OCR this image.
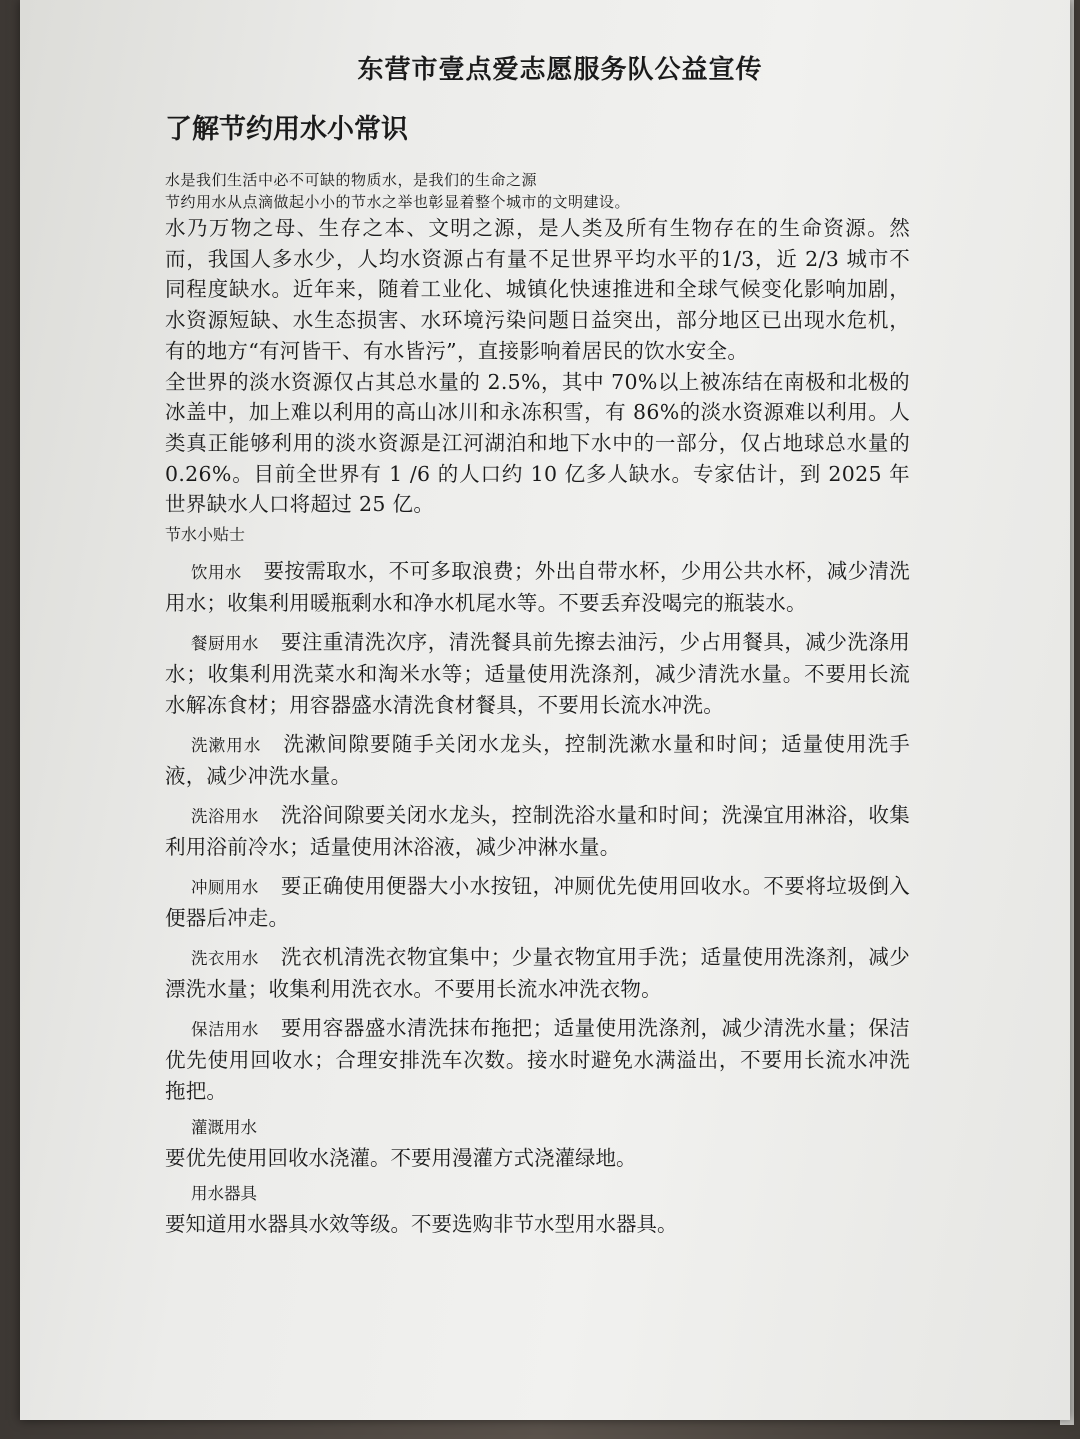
东营市壹点爱志愿服务队公益宣传
了解节约用水小常识
水是我们生活中必不可缺的物质水，是我们的生命之源
节约用水从点滴做起小小的节水之举也彰显着整个城市的文明建设。

水乃万物之母、生存之本、文明之源，是人类及所有生物存在的生命资源。然而，我国人多水少，人均水资源占有量不足世界平均水平的1/3，近 2/3 城市不同程度缺水。近年来，随着工业化、城镇化快速推进和全球气候变化影响加剧，水资源短缺、水生态损害、水环境污染问题日益突出，部分地区已出现水危机，有的地方“有河皆干、有水皆污”，直接影响着居民的饮水安全。

全世界的淡水资源仅占其总水量的 2.5%，其中 70%以上被冻结在南极和北极的冰盖中，加上难以利用的高山冰川和永冻积雪，有 86%的淡水资源难以利用。人类真正能够利用的淡水资源是江河湖泊和地下水中的一部分，仅占地球总水量的 0.26%。目前全世界有 1 /6 的人口约 10 亿多人缺水。专家估计，到 2025 年世界缺水人口将超过 25 亿。

节水小贴士

饮用水 要按需取水，不可多取浪费；外出自带水杯，少用公共水杯，减少清洗用水；收集利用暖瓶剩水和净水机尾水等。不要丢弃没喝完的瓶装水。

餐厨用水 要注重清洗次序，清洗餐具前先擦去油污，少占用餐具，减少洗涤用水；收集利用洗菜水和淘米水等；适量使用洗涤剂，减少清洗水量。不要用长流水解冻食材；用容器盛水清洗食材餐具，不要用长流水冲洗。

洗漱用水 洗漱间隙要随手关闭水龙头，控制洗漱水量和时间；适量使用洗手液，减少冲洗水量。

洗浴用水 洗浴间隙要关闭水龙头，控制洗浴水量和时间；洗澡宜用淋浴，收集利用浴前冷水；适量使用沐浴液，减少冲淋水量。

冲厕用水 要正确使用便器大小水按钮，冲厕优先使用回收水。不要将垃圾倒入便器后冲走。

洗衣用水 洗衣机清洗衣物宜集中；少量衣物宜用手洗；适量使用洗涤剂，减少漂洗水量；收集利用洗衣水。不要用长流水冲洗衣物。

保洁用水 要用容器盛水清洗抹布拖把；适量使用洗涤剂，减少清洗水量；保洁优先使用回收水；合理安排洗车次数。接水时避免水满溢出，不要用长流水冲洗拖把。

灌溉用水
要优先使用回收水浇灌。不要用漫灌方式浇灌绿地。
用水器具
要知道用水器具水效等级。不要选购非节水型用水器具。
